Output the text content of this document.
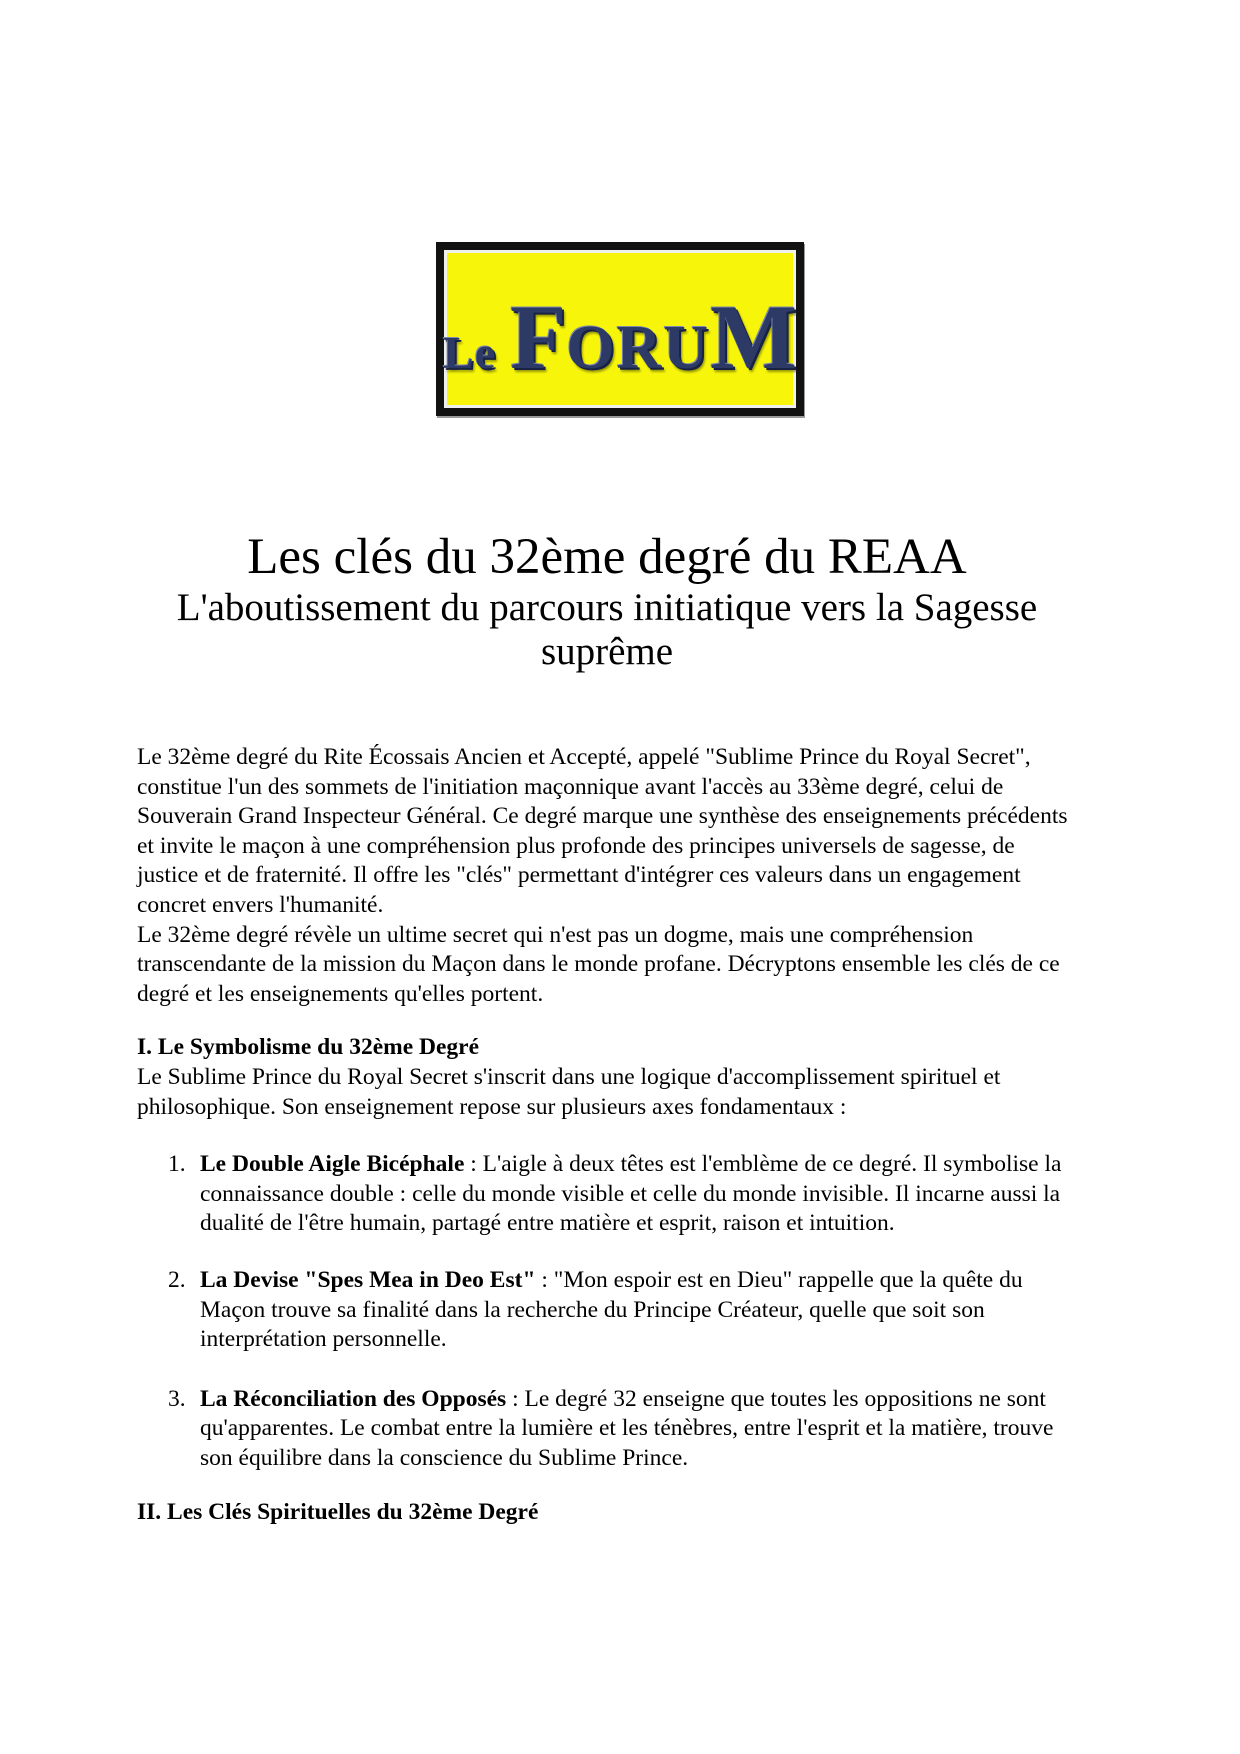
Le F ORU M
Les clés du 32ème degré du REAA
L'aboutissement du parcours initiatique vers la Sagesse
suprême

Le 32ème degré du Rite Écossais Ancien et Accepté, appelé "Sublime Prince du Royal Secret", constitue l'un des sommets de l'initiation maçonnique avant l'accès au 33ème degré, celui de Souverain Grand Inspecteur Général. Ce degré marque une synthèse des enseignements précédents et invite le maçon à une compréhension plus profonde des principes universels de sagesse, de justice et de fraternité. Il offre les "clés" permettant d'intégrer ces valeurs dans un engagement concret envers l'humanité.

Le 32ème degré révèle un ultime secret qui n'est pas un dogme, mais une compréhension transcendante de la mission du Maçon dans le monde profane. Décryptons ensemble les clés de ce degré et les enseignements qu'elles portent.

I. Le Symbolisme du 32ème Degré

Le Sublime Prince du Royal Secret s'inscrit dans une logique d'accomplissement spirituel et philosophique. Son enseignement repose sur plusieurs axes fondamentaux :

1. Le Double Aigle Bicéphale : L'aigle à deux têtes est l'emblème de ce degré. Il symbolise la connaissance double : celle du monde visible et celle du monde invisible. Il incarne aussi la dualité de l'être humain, partagé entre matière et esprit, raison et intuition.
2. La Devise "Spes Mea in Deo Est" : "Mon espoir est en Dieu" rappelle que la quête du Maçon trouve sa finalité dans la recherche du Principe Créateur, quelle que soit son interprétation personnelle.
3. La Réconciliation des Opposés : Le degré 32 enseigne que toutes les oppositions ne sont qu'apparentes. Le combat entre la lumière et les ténèbres, entre l'esprit et la matière, trouve son équilibre dans la conscience du Sublime Prince.

II. Les Clés Spirituelles du 32ème Degré
